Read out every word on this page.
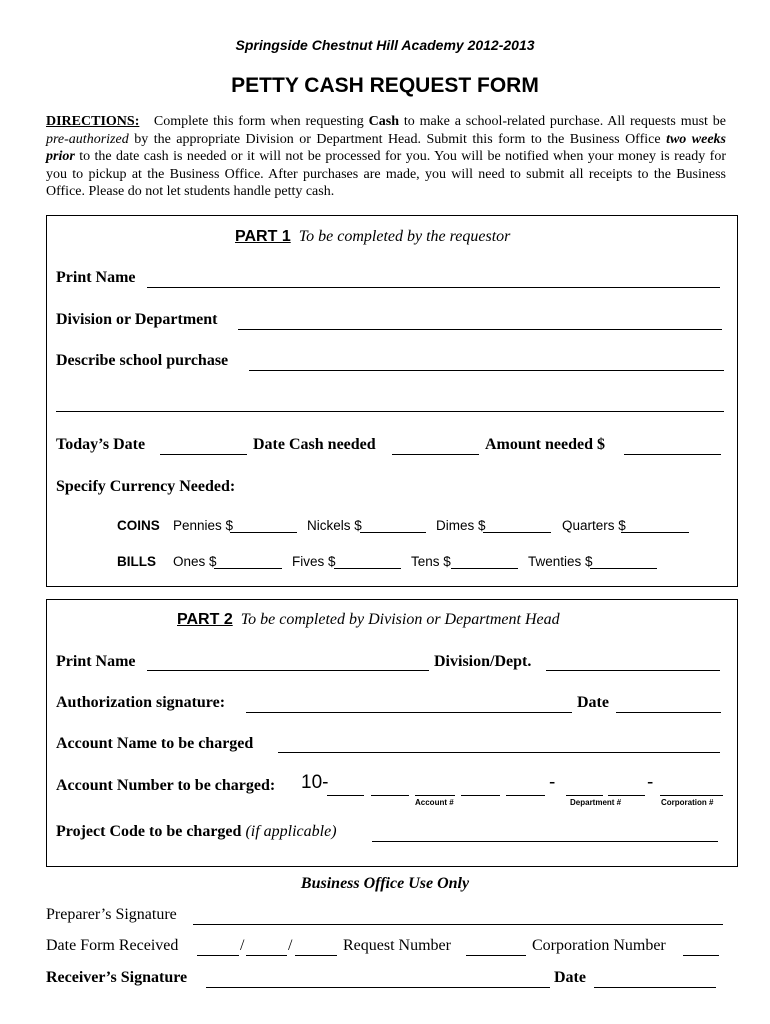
Springside Chestnut Hill Academy 2012-2013
PETTY CASH REQUEST FORM
DIRECTIONS: Complete this form when requesting Cash to make a school-related purchase. All requests must be pre-authorized by the appropriate Division or Department Head. Submit this form to the Business Office two weeks prior to the date cash is needed or it will not be processed for you. You will be notified when your money is ready for you to pickup at the Business Office. After purchases are made, you will need to submit all receipts to the Business Office. Please do not let students handle petty cash.
PART 1 To be completed by the requestor
Print Name
Division or Department
Describe school purchase
Today’s Date	Date Cash needed	Amount needed $
Specify Currency Needed:
COINS Pennies $	Nickels $	Dimes $	Quarters $
BILLS Ones $	Fives $	Tens $	Twenties $
PART 2 To be completed by Division or Department Head
Print Name	Division/Dept.
Authorization signature:	Date
Account Name to be charged
Account Number to be charged: 10-	-	-
Account #	Department #	Corporation #
Project Code to be charged (if applicable)
Business Office Use Only
Preparer’s Signature
Date Form Received	/	/	Request Number	Corporation Number
Receiver’s Signature	Date
